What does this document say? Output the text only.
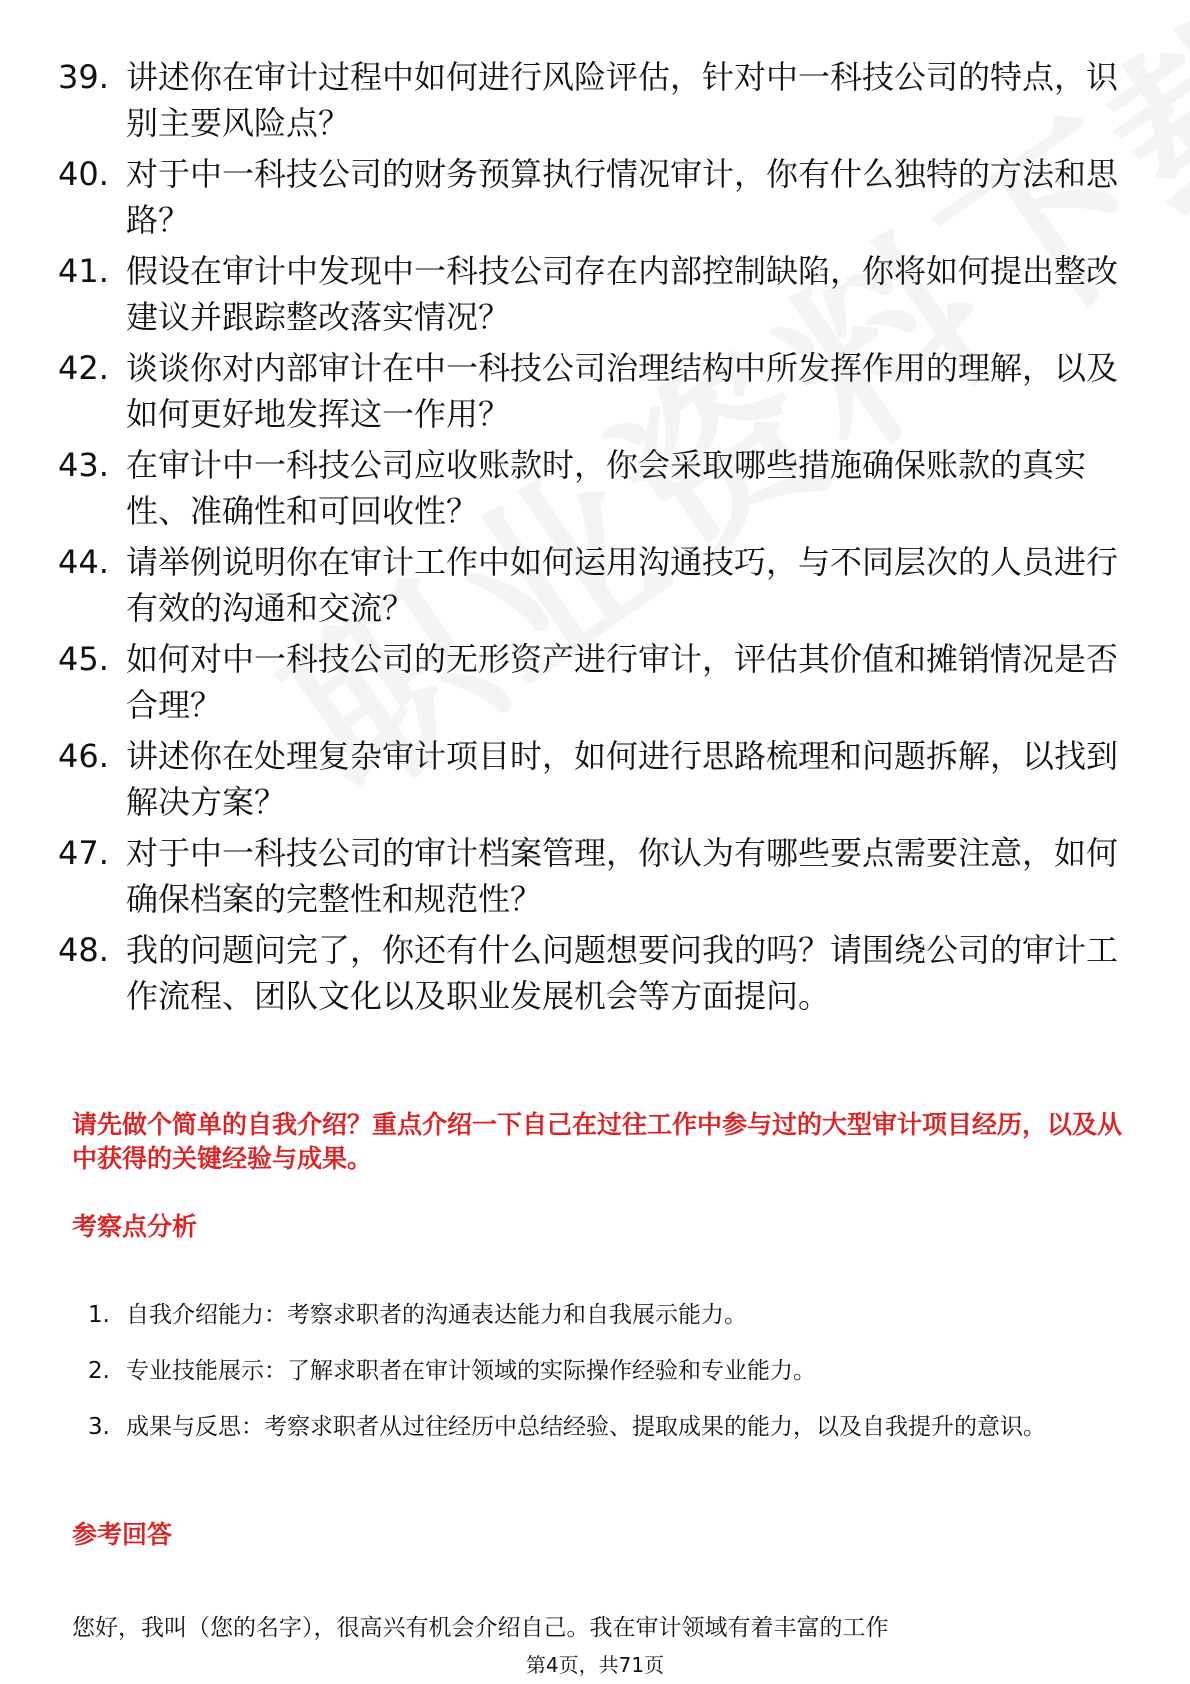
39. 讲述你在审计过程中如何进行风险评估，针对中一科技公司的特点，识别主要风险点？
40. 对于中一科技公司的财务预算执行情况审计，你有什么独特的方法和思路？
41. 假设在审计中发现中一科技公司存在内部控制缺陷，你将如何提出整改建议并跟踪整改落实情况？
42. 谈谈你对内部审计在中一科技公司治理结构中所发挥作用的理解，以及如何更好地发挥这一作用？
43. 在审计中一科技公司应收账款时，你会采取哪些措施确保账款的真实性、准确性和可回收性？
44. 请举例说明你在审计工作中如何运用沟通技巧，与不同层次的人员进行有效的沟通和交流？
45. 如何对中一科技公司的无形资产进行审计，评估其价值和摊销情况是否合理？
46. 讲述你在处理复杂审计项目时，如何进行思路梳理和问题拆解，以找到解决方案？
47. 对于中一科技公司的审计档案管理，你认为有哪些要点需要注意，如何确保档案的完整性和规范性？
48. 我的问题问完了，你还有什么问题想要问我的吗？请围绕公司的审计工作流程、团队文化以及职业发展机会等方面提问。
请先做个简单的自我介绍？重点介绍一下自己在过往工作中参与过的大型审计项目经历，以及从中获得的关键经验与成果。
考察点分析
1. 自我介绍能力：考察求职者的沟通表达能力和自我展示能力。
2. 专业技能展示：了解求职者在审计领域的实际操作经验和专业能力。
3. 成果与反思：考察求职者从过往经历中总结经验、提取成果的能力，以及自我提升的意识。
参考回答
您好，我叫（您的名字），很高兴有机会介绍自己。我在审计领域有着丰富的工作
第4页，共71页
